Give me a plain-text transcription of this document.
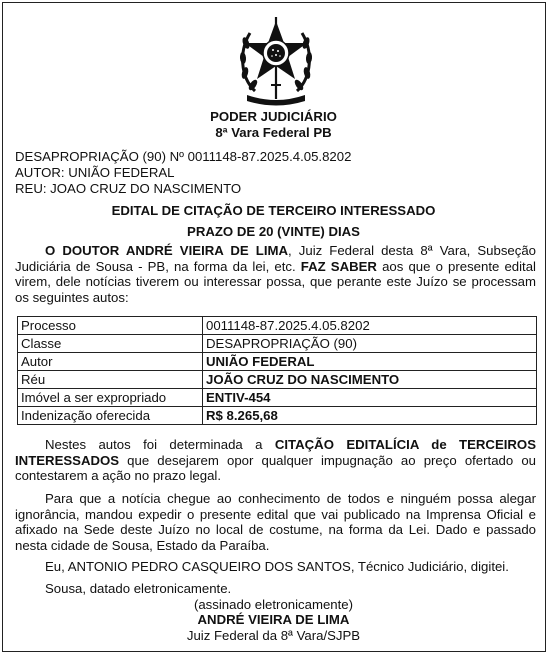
PODER JUDICIÁRIO
8ª Vara Federal PB
DESAPROPRIAÇÃO (90) Nº 0011148-87.2025.4.05.8202
AUTOR: UNIÃO FEDERAL
REU: JOAO CRUZ DO NASCIMENTO
EDITAL DE CITAÇÃO DE TERCEIRO INTERESSADO
PRAZO DE 20 (VINTE) DIAS
O DOUTOR ANDRÉ VIEIRA DE LIMA, Juiz Federal desta 8ª Vara, Subseção Judiciária de Sousa - PB, na forma da lei, etc. FAZ SABER aos que o presente edital virem, dele notícias tiverem ou interessar possa, que perante este Juízo se processam os seguintes autos:
Processo	0011148-87.2025.4.05.8202
Classe	DESAPROPRIAÇÃO (90)
Autor	UNIÃO FEDERAL
Réu	JOÃO CRUZ DO NASCIMENTO
Imóvel a ser expropriado	ENTIV-454
Indenização oferecida	R$ 8.265,68
Nestes autos foi determinada a CITAÇÃO EDITALÍCIA de TERCEIROS INTERESSADOS que desejarem opor qualquer impugnação ao preço ofertado ou contestarem a ação no prazo legal.
Para que a notícia chegue ao conhecimento de todos e ninguém possa alegar ignorância, mandou expedir o presente edital que vai publicado na Imprensa Oficial e afixado na Sede deste Juízo no local de costume, na forma da Lei. Dado e passado nesta cidade de Sousa, Estado da Paraíba.
Eu, ANTONIO PEDRO CASQUEIRO DOS SANTOS, Técnico Judiciário, digitei.
Sousa, datado eletronicamente.
(assinado eletronicamente)
ANDRÉ VIEIRA DE LIMA
Juiz Federal da 8ª Vara/SJPB
